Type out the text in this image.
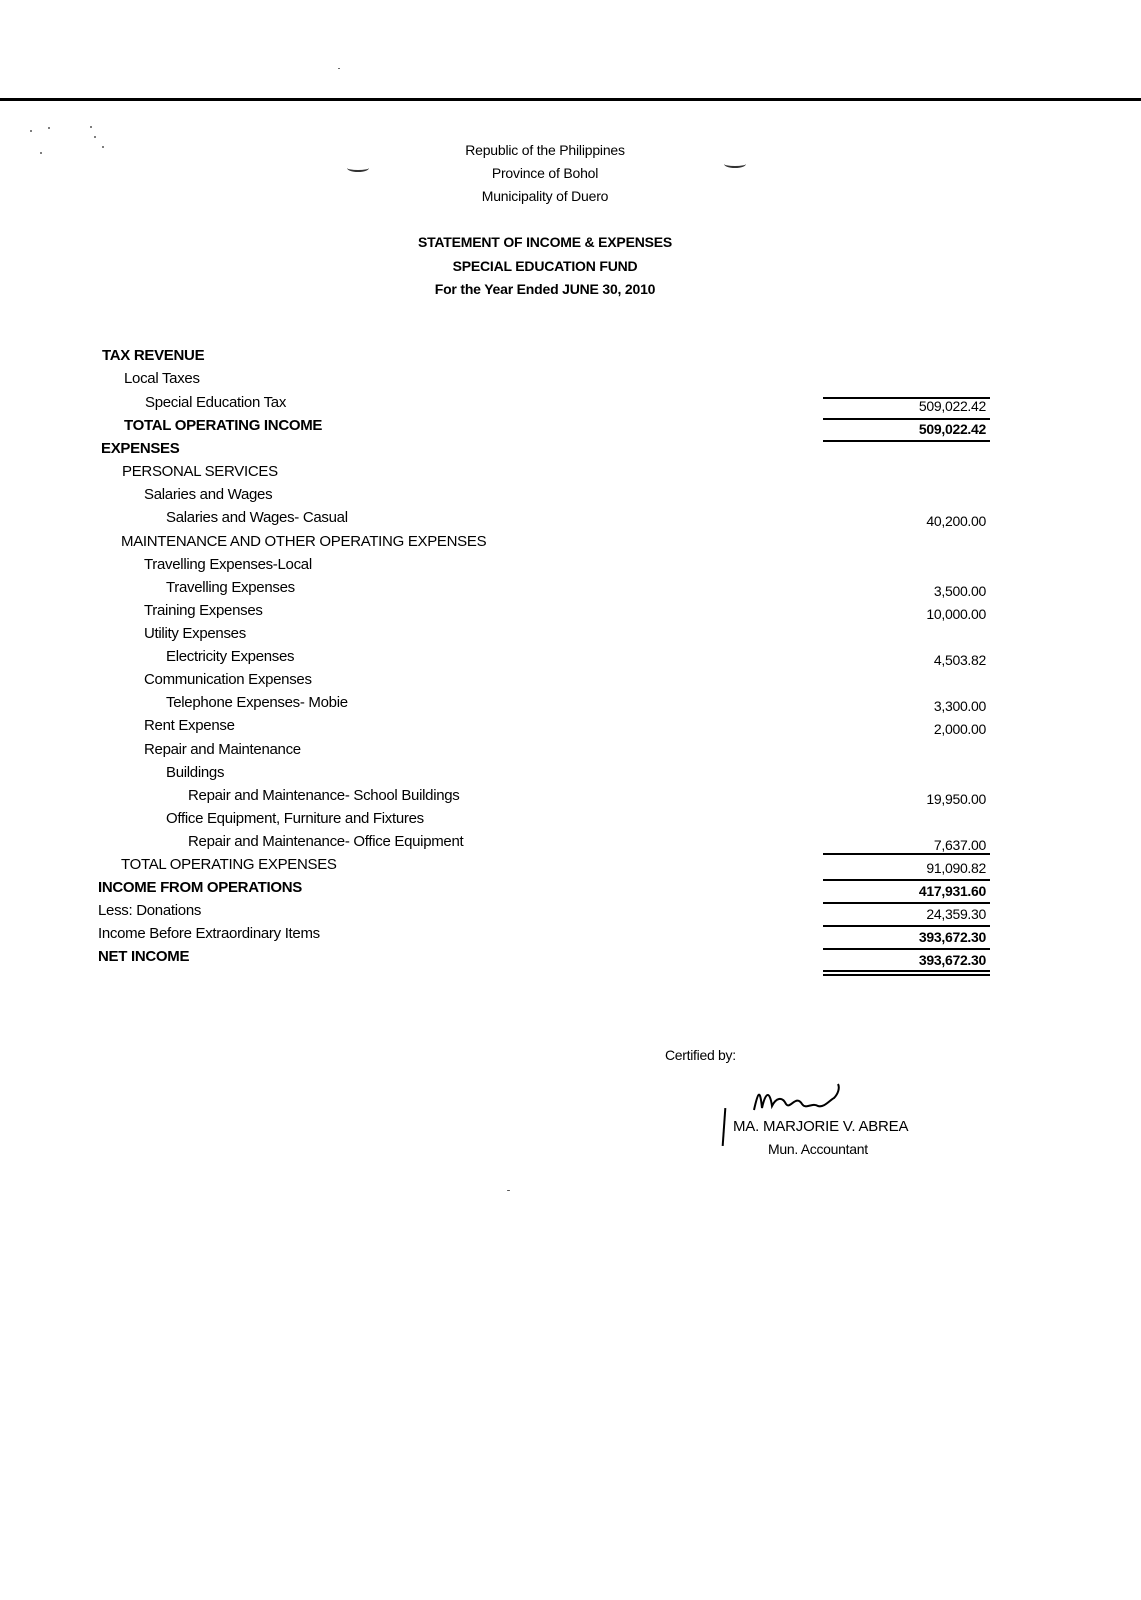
Republic of the Philippines
Province of Bohol
Municipality of Duero
STATEMENT OF INCOME & EXPENSES
SPECIAL EDUCATION FUND
For the Year Ended JUNE 30, 2010
TAX REVENUE
Local Taxes
Special Education Tax	509,022.42
TOTAL OPERATING INCOME	509,022.42
EXPENSES
PERSONAL SERVICES
Salaries and Wages
Salaries and Wages- Casual	40,200.00
MAINTENANCE AND OTHER OPERATING EXPENSES
Travelling Expenses-Local
Travelling Expenses	3,500.00
Training Expenses	10,000.00
Utility Expenses
Electricity Expenses	4,503.82
Communication Expenses
Telephone Expenses- Mobie	3,300.00
Rent Expense	2,000.00
Repair and Maintenance
Buildings
Repair and Maintenance- School Buildings	19,950.00
Office Equipment, Furniture and Fixtures
Repair and Maintenance- Office Equipment	7,637.00
TOTAL OPERATING EXPENSES	91,090.82
INCOME FROM OPERATIONS	417,931.60
Less: Donations	24,359.30
Income Before Extraordinary Items	393,672.30
NET INCOME	393,672.30
Certified by:
MA. MARJORIE V. ABREA
Mun. Accountant
